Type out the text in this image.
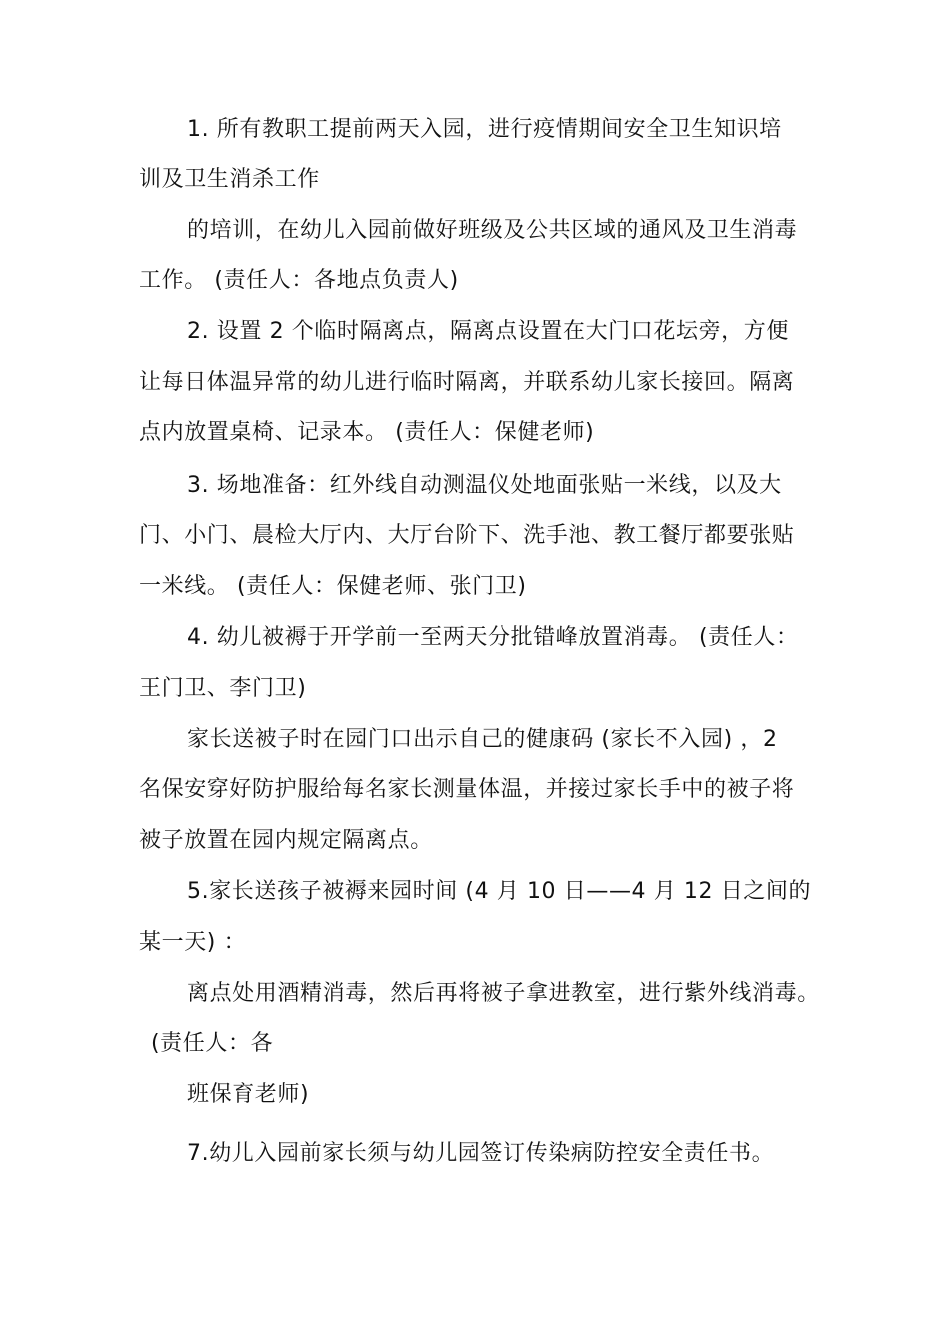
1. 所有教职工提前两天入园，进行疫情期间安全卫生知识培
训及卫生消杀工作
的培训，在幼儿入园前做好班级及公共区域的通风及卫生消毒
工作。 (责任人：各地点负责人)
2. 设置 2 个临时隔离点，隔离点设置在大门口花坛旁，方便
让每日体温异常的幼儿进行临时隔离，并联系幼儿家长接回。隔离
点内放置桌椅、记录本。 (责任人：保健老师)
3. 场地准备：红外线自动测温仪处地面张贴一米线，以及大
门、小门、晨检大厅内、大厅台阶下、洗手池、教工餐厅都要张贴
一米线。 (责任人：保健老师、张门卫)
4. 幼儿被褥于开学前一至两天分批错峰放置消毒。 (责任人：
王门卫、李门卫)
家长送被子时在园门口出示自己的健康码 (家长不入园) ，2
名保安穿好防护服给每名家长测量体温，并接过家长手中的被子将
被子放置在园内规定隔离点。
5.家长送孩子被褥来园时间 (4 月 10 日——4 月 12 日之间的
某一天) ：
离点处用酒精消毒，然后再将被子拿进教室，进行紫外线消毒。
(责任人：各
班保育老师)
7.幼儿入园前家长须与幼儿园签订传染病防控安全责任书。
